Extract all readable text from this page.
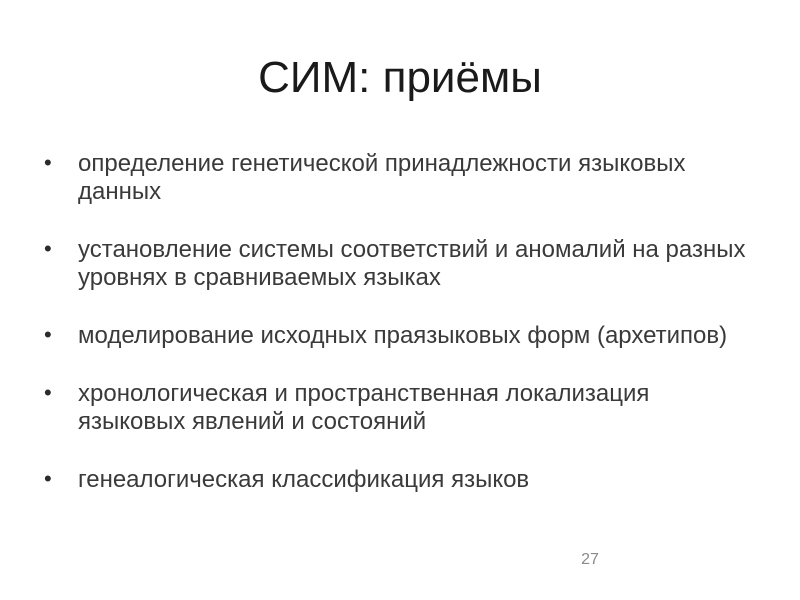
СИМ: приёмы
•	определение генетической принадлежности языковых данных
•	установление системы соответствий и аномалий на разных уровнях в сравниваемых языках
•	моделирование исходных праязыковых форм (архетипов)
•	хронологическая и пространственная локализация языковых явлений и состояний
•	генеалогическая классификация языков
27
